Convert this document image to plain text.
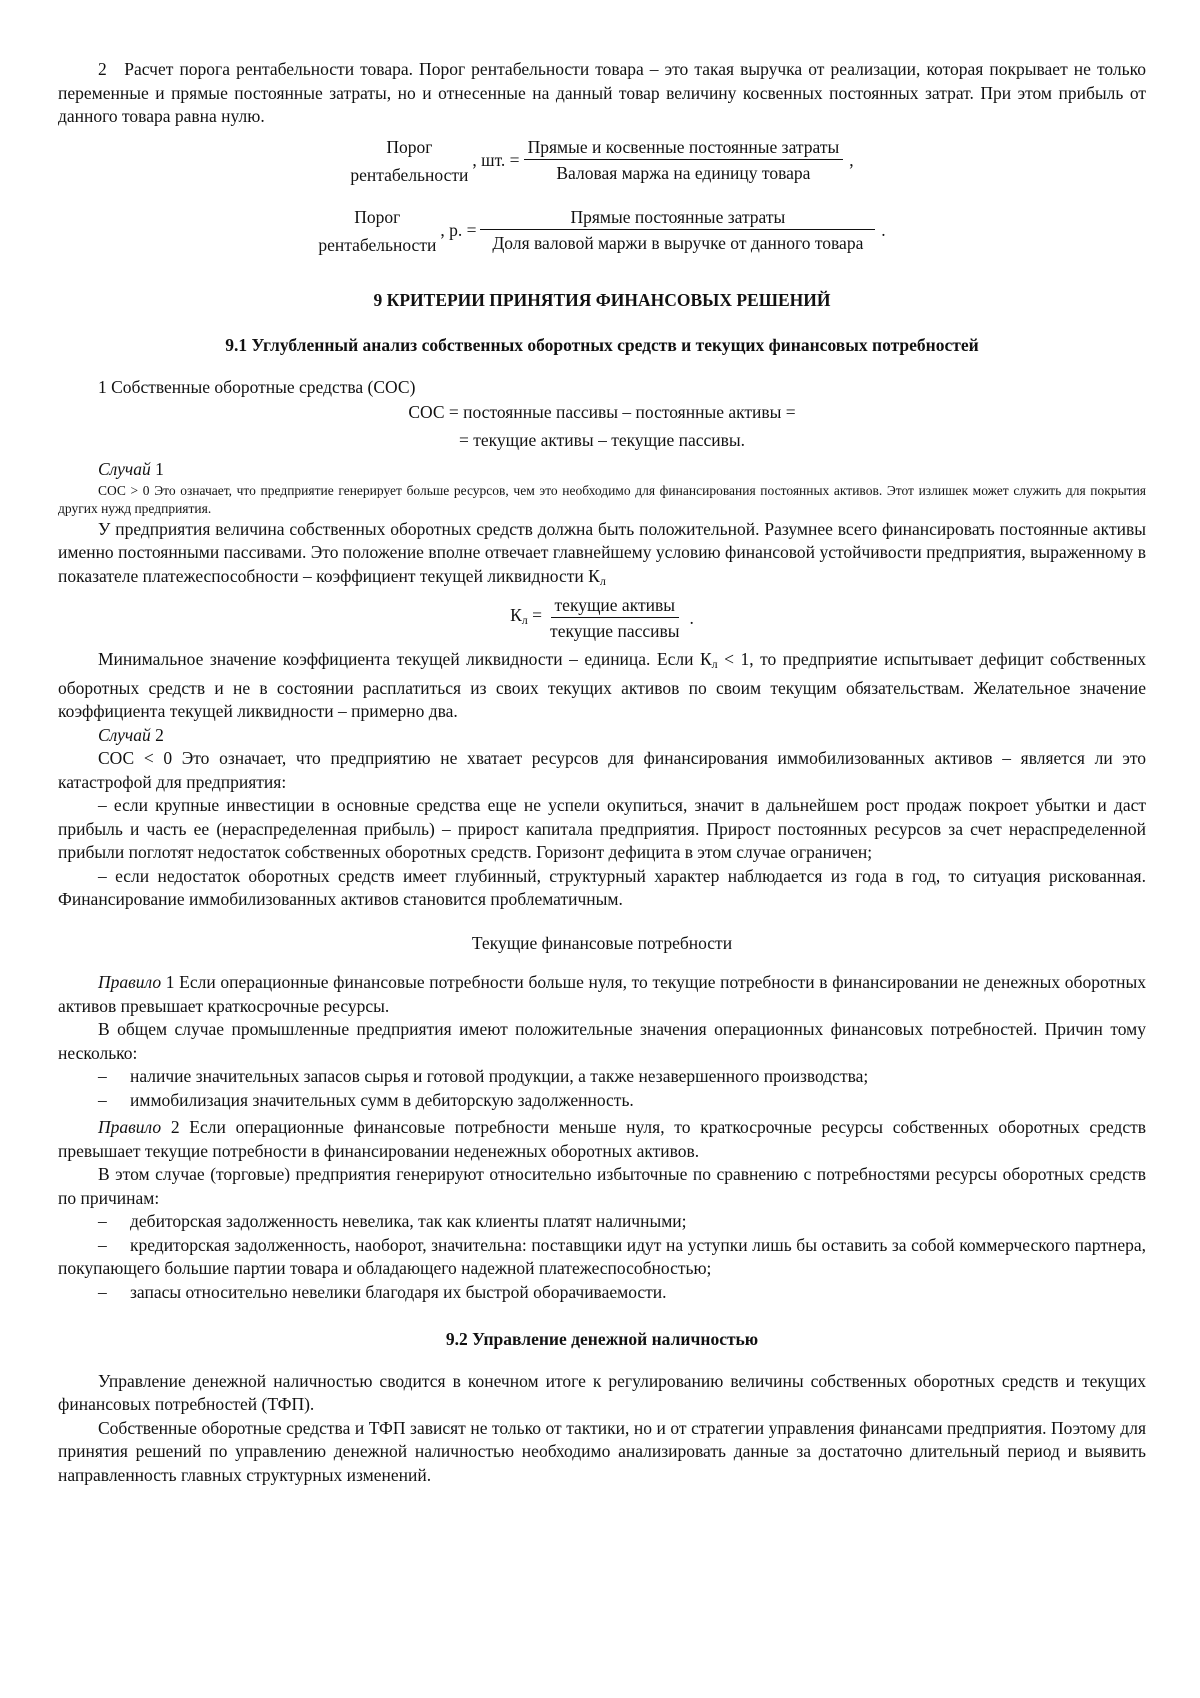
2 Расчет порога рентабельности товара. Порог рентабельности товара – это такая выручка от реализации, которая покрывает не только переменные и прямые постоянные затраты, но и отнесенные на данный товар величину косвенных постоянных затрат. При этом прибыль от данного товара равна нулю.

Порог
рентабельности
, шт. = $\frac{\text{Прямые и косвенные постоянные затраты}}{\text{Валовая маржа на единицу товара}}$ ,
Порог
рентабельности
, р. = $\frac{\text{Прямые постоянные затраты}}{\text{Доля валовой маржи в выручке от данного товара}}$ .

9 КРИТЕРИИ ПРИНЯТИЯ ФИНАНСОВЫХ РЕШЕНИЙ

9.1 Углубленный анализ собственных оборотных средств и текущих финансовых потребностей

1 Собственные оборотные средства (СОС)

СОС = постоянные пассивы – постоянные активы =

= текущие активы – текущие пассивы.

Случай 1

СОС > 0 Это означает, что предприятие генерирует больше ресурсов, чем это необходимо для финансирования постоянных активов. Этот излишек может служить для покрытия других нужд предприятия.

У предприятия величина собственных оборотных средств должна быть положительной. Разумнее всего финансировать постоянные активы именно постоянными пассивами. Это положение вполне отвечает главнейшему условию финансовой устойчивости предприятия, выраженному в показателе платежеспособности – коэффициент текущей ликвидности $К_л$

$К_л = \frac{\text{текущие активы}}{\text{текущие пассивы}}$ .

Минимальное значение коэффициента текущей ликвидности – единица. Если $К_л < 1$, то предприятие испытывает дефицит собственных оборотных средств и не в состоянии расплатиться из своих текущих активов по своим текущим обязательствам. Желательное значение коэффициента текущей ликвидности – примерно два.

Случай 2

СОС < 0 Это означает, что предприятию не хватает ресурсов для финансирования иммобилизованных активов – является ли это катастрофой для предприятия:

– если крупные инвестиции в основные средства еще не успели окупиться, значит в дальнейшем рост продаж покроет убытки и даст прибыль и часть ее (нераспределенная прибыль) – прирост капитала предприятия. Прирост постоянных ресурсов за счет нераспределенной прибыли поглотят недостаток собственных оборотных средств. Горизонт дефицита в этом случае ограничен;

– если недостаток оборотных средств имеет глубинный, структурный характер наблюдается из года в год, то ситуация рискованная. Финансирование иммобилизованных активов становится проблематичным.

Текущие финансовые потребности

Правило 1 Если операционные финансовые потребности больше нуля, то текущие потребности в финансировании не денежных оборотных активов превышает краткосрочные ресурсы.

В общем случае промышленные предприятия имеют положительные значения операционных финансовых потребностей. Причин тому несколько:

– наличие значительных запасов сырья и готовой продукции, а также незавершенного производства;

– иммобилизация значительных сумм в дебиторскую задолженность.

Правило 2 Если операционные финансовые потребности меньше нуля, то краткосрочные ресурсы собственных оборотных средств превышает текущие потребности в финансировании неденежных оборотных активов.

В этом случае (торговые) предприятия генерируют относительно избыточные по сравнению с потребностями ресурсы оборотных средств по причинам:

– дебиторская задолженность невелика, так как клиенты платят наличными;

– кредиторская задолженность, наоборот, значительна: поставщики идут на уступки лишь бы оставить за собой коммерческого партнера, покупающего большие партии товара и обладающего надежной платежеспособностью;

– запасы относительно невелики благодаря их быстрой оборачиваемости.

9.2 Управление денежной наличностью

Управление денежной наличностью сводится в конечном итоге к регулированию величины собственных оборотных средств и текущих финансовых потребностей (ТФП).

Собственные оборотные средства и ТФП зависят не только от тактики, но и от стратегии управления финансами предприятия. Поэтому для принятия решений по управлению денежной наличностью необходимо анализировать данные за достаточно длительный период и выявить направленность главных структурных изменений.
